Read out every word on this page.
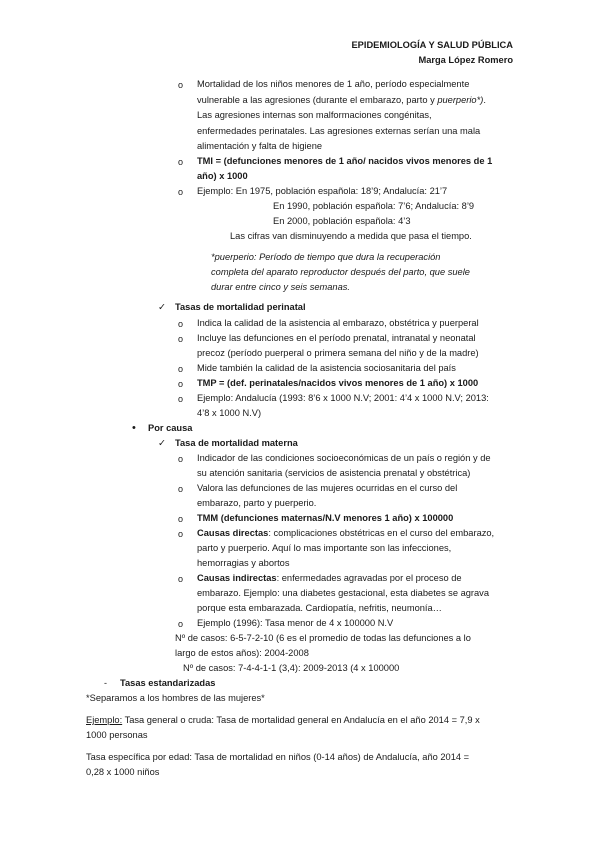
EPIDEMIOLOGÍA Y SALUD PÚBLICA
Marga López Romero
o Mortalidad de los niños menores de 1 año, período especialmente
vulnerable a las agresiones (durante el embarazo, parto y puerperio*).
Las agresiones internas son malformaciones congénitas,
enfermedades perinatales. Las agresiones externas serían una mala
alimentación y falta de higiene
o TMI = (defunciones menores de 1 año/ nacidos vivos menores de 1
año) x 1000
o Ejemplo: En 1975, población española: 18’9; Andalucía: 21’7
En 1990, población española: 7’6; Andalucía: 8’9
En 2000, población española: 4’3
Las cifras van disminuyendo a medida que pasa el tiempo.
*puerperio: Período de tiempo que dura la recuperación
completa del aparato reproductor después del parto, que suele
durar entre cinco y seis semanas.
✓ Tasas de mortalidad perinatal
o Indica la calidad de la asistencia al embarazo, obstétrica y puerperal
o Incluye las defunciones en el período prenatal, intranatal y neonatal
precoz (período puerperal o primera semana del niño y de la madre)
o Mide también la calidad de la asistencia sociosanitaria del país
o TMP = (def. perinatales/nacidos vivos menores de 1 año) x 1000
o Ejemplo: Andalucía (1993: 8’6 x 1000 N.V; 2001: 4’4 x 1000 N.V; 2013:
4’8 x 1000 N.V)
• Por causa
✓ Tasa de mortalidad materna
o Indicador de las condiciones socioeconómicas de un país o región y de
su atención sanitaria (servicios de asistencia prenatal y obstétrica)
o Valora las defunciones de las mujeres ocurridas en el curso del
embarazo, parto y puerperio.
o TMM (defunciones maternas/N.V menores 1 año) x 100000
o Causas directas: complicaciones obstétricas en el curso del embarazo,
parto y puerperio. Aquí lo mas importante son las infecciones,
hemorragias y abortos
o Causas indirectas: enfermedades agravadas por el proceso de
embarazo. Ejemplo: una diabetes gestacional, esta diabetes se agrava
porque esta embarazada. Cardiopatía, nefritis, neumonía…
o Ejemplo (1996): Tasa menor de 4 x 100000 N.V
Nº de casos: 6-5-7-2-10 (6 es el promedio de todas las defunciones a lo
largo de estos años): 2004-2008
Nº de casos: 7-4-4-1-1 (3,4): 2009-2013 (4 x 100000
- Tasas estandarizadas
*Separamos a los hombres de las mujeres*
Ejemplo: Tasa general o cruda: Tasa de mortalidad general en Andalucía en el año 2014 = 7,9 x
1000 personas
Tasa específica por edad: Tasa de mortalidad en niños (0-14 años) de Andalucía, año 2014 =
0,28 x 1000 niños
